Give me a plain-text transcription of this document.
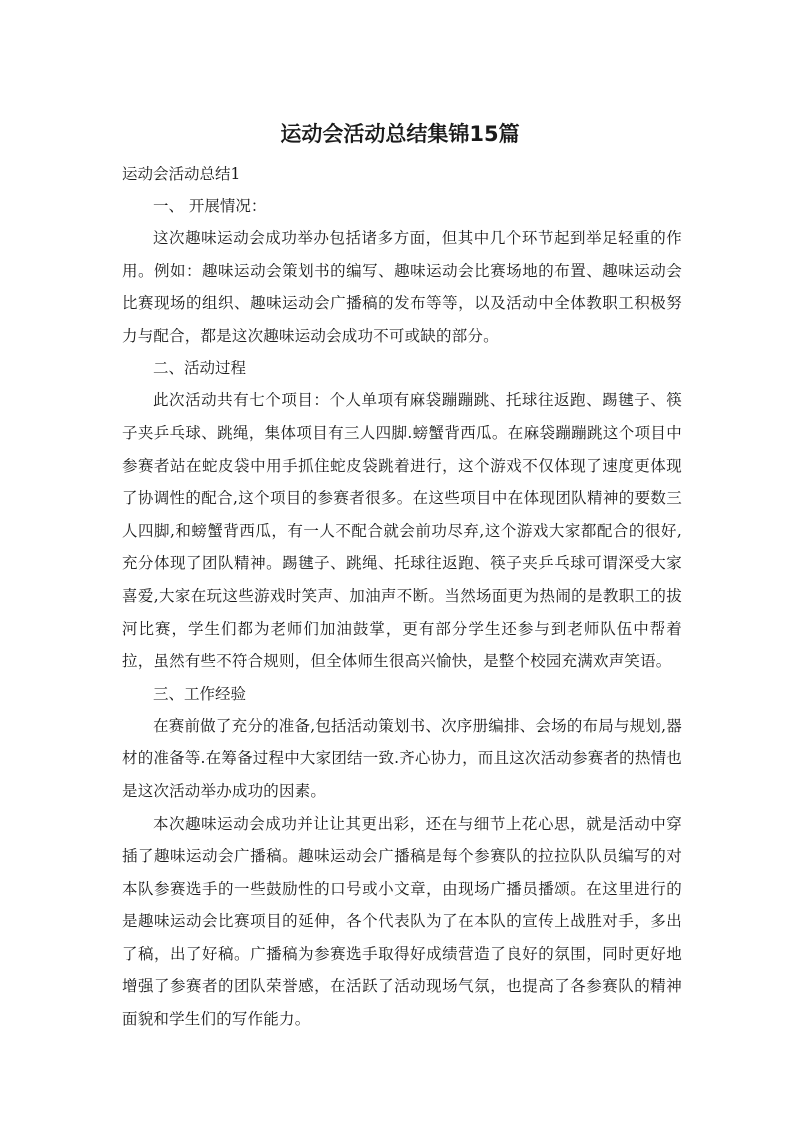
运动会活动总结集锦15篇

运动会活动总结1

一、 开展情况：

这次趣味运动会成功举办包括诸多方面，但其中几个环节起到举足轻重的作用。例如：趣味运动会策划书的编写、趣味运动会比赛场地的布置、趣味运动会比赛现场的组织、趣味运动会广播稿的发布等等，以及活动中全体教职工积极努力与配合，都是这次趣味运动会成功不可或缺的部分。

二、活动过程

此次活动共有七个项目：个人单项有麻袋蹦蹦跳、托球往返跑、踢毽子、筷子夹乒乓球、跳绳，集体项目有三人四脚.螃蟹背西瓜。在麻袋蹦蹦跳这个项目中参赛者站在蛇皮袋中用手抓住蛇皮袋跳着进行，这个游戏不仅体现了速度更体现了协调性的配合,这个项目的参赛者很多。在这些项目中在体现团队精神的要数三人四脚,和螃蟹背西瓜，有一人不配合就会前功尽弃,这个游戏大家都配合的很好,充分体现了团队精神。踢毽子、跳绳、托球往返跑、筷子夹乒乓球可谓深受大家喜爱,大家在玩这些游戏时笑声、加油声不断。当然场面更为热闹的是教职工的拔河比赛，学生们都为老师们加油鼓掌，更有部分学生还参与到老师队伍中帮着拉，虽然有些不符合规则，但全体师生很高兴愉快，是整个校园充满欢声笑语。

三、工作经验

在赛前做了充分的准备,包括活动策划书、次序册编排、会场的布局与规划,器材的准备等.在筹备过程中大家团结一致.齐心协力，而且这次活动参赛者的热情也是这次活动举办成功的因素。

本次趣味运动会成功并让让其更出彩，还在与细节上花心思，就是活动中穿插了趣味运动会广播稿。趣味运动会广播稿是每个参赛队的拉拉队队员编写的对本队参赛选手的一些鼓励性的口号或小文章，由现场广播员播颂。在这里进行的是趣味运动会比赛项目的延伸，各个代表队为了在本队的宣传上战胜对手，多出了稿，出了好稿。广播稿为参赛选手取得好成绩营造了良好的氛围，同时更好地增强了参赛者的团队荣誉感，在活跃了活动现场气氛，也提高了各参赛队的精神面貌和学生们的写作能力。
